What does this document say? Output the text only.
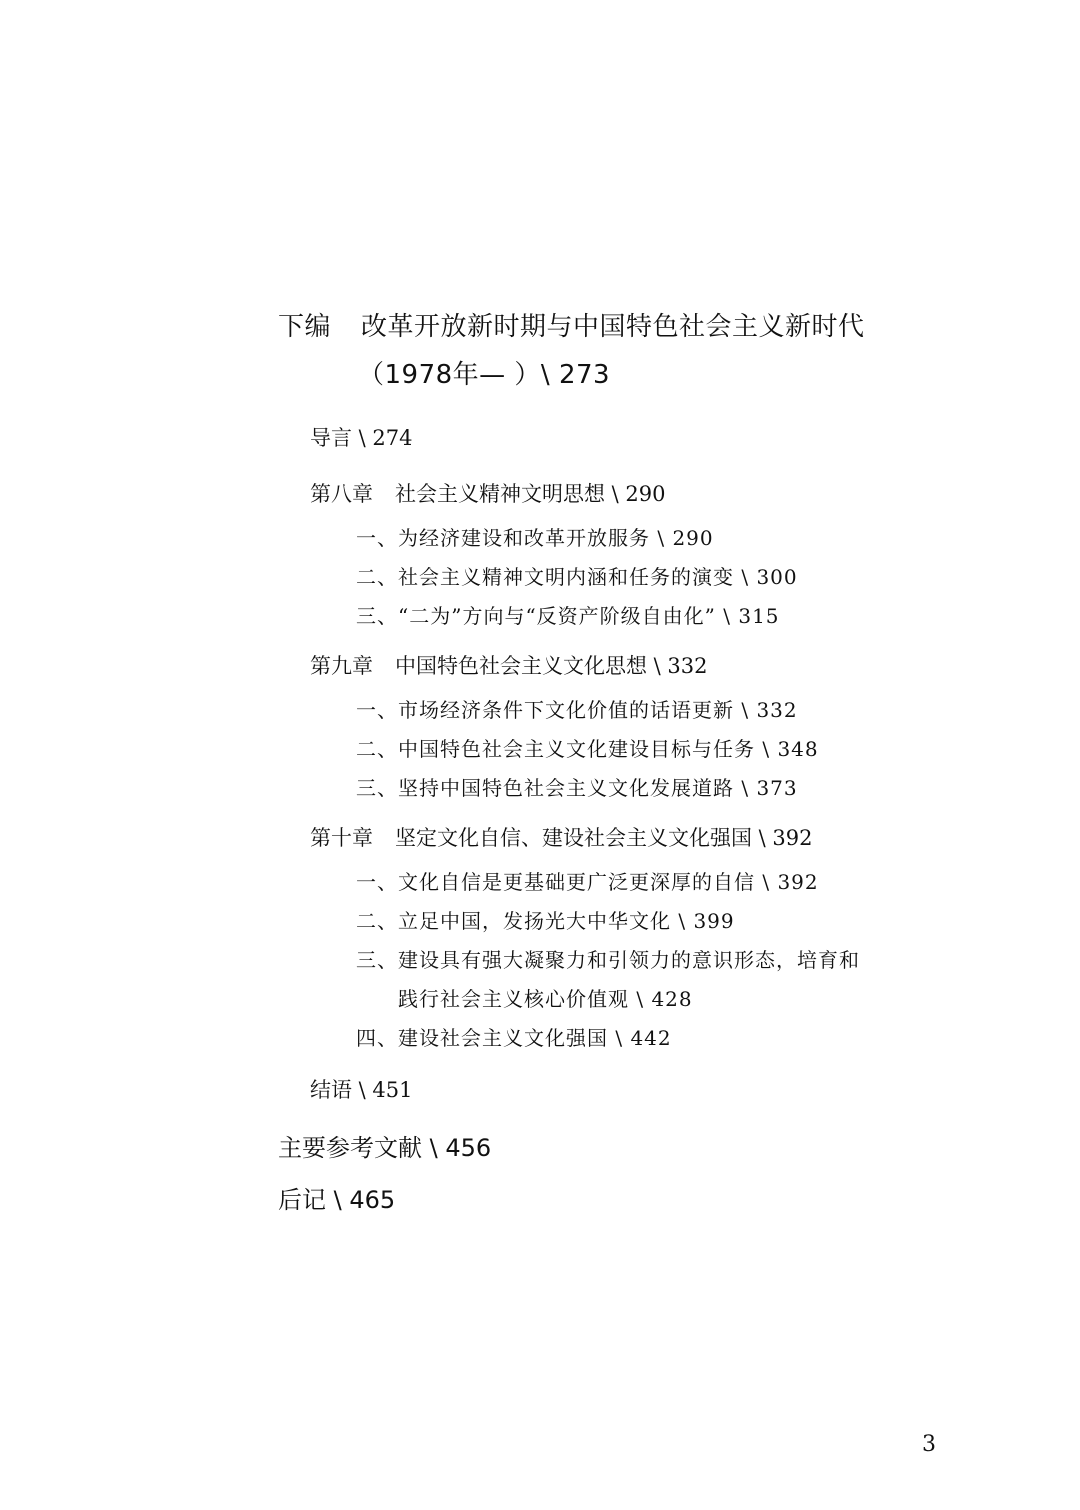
下编 改革开放新时期与中国特色社会主义新时代
（1978年— ）\ 273
导言 \ 274
第八章 社会主义精神文明思想 \ 290
一、为经济建设和改革开放服务 \ 290
二、社会主义精神文明内涵和任务的演变 \ 300
三、“二为”方向与“反资产阶级自由化” \ 315
第九章 中国特色社会主义文化思想 \ 332
一、市场经济条件下文化价值的话语更新 \ 332
二、中国特色社会主义文化建设目标与任务 \ 348
三、坚持中国特色社会主义文化发展道路 \ 373
第十章 坚定文化自信、建设社会主义文化强国 \ 392
一、文化自信是更基础更广泛更深厚的自信 \ 392
二、立足中国，发扬光大中华文化 \ 399
三、建设具有强大凝聚力和引领力的意识形态，培育和
践行社会主义核心价值观 \ 428
四、建设社会主义文化强国 \ 442
结语 \ 451
主要参考文献 \ 456
后记 \ 465
3
